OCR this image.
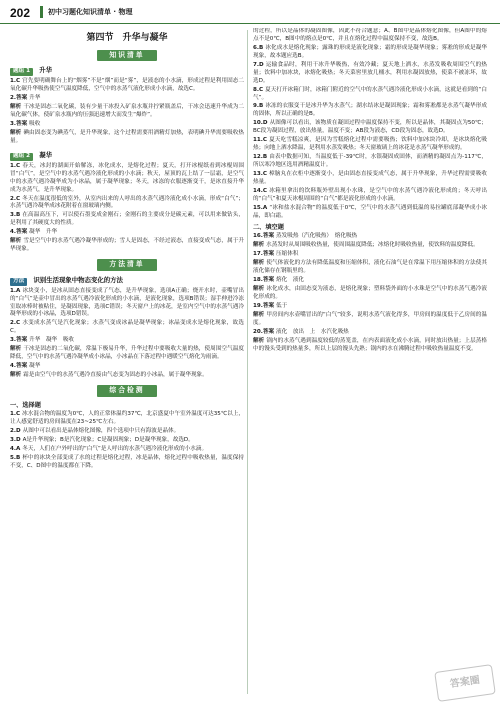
202	初中习题化知识清单 · 物理
第四节　升华与凝华
知识清单
题组 1 升华

1.C 官先要明确舞台上的“烟雾”不是“烟”而是“雾”，是液态的小水滴，形成过程是利用固态二氧化碳升华吸热使空气温度降低，空气中的水蒸气液化形成小水滴，故选C。

2.答案 升华

解析 干冰是固态二氧化碳，装有少量干冰投入矿泉水瓶并拧紧瓶盖后，干冰会迅速升华成为二氧化碳气体，使矿泉水瓶内的压强迅速增大而发生“爆炸”。

3.答案 吸收

解析 碘由固态变为碘蒸气，是升华现象，这个过程需要用酒精灯加热，表明碘升华需要吸收热量。

题组 2 凝华

1.C 春天，冰封的湖面开始解冻，冰化成水，是熔化过程；夏天，打开冰棍纸看到冰棍周围冒“白气”，是空气中的水蒸气遇冷液化形成的小水滴；秋天，屋顶的瓦上结了一层霜，是空气中的水蒸气遇冷凝华成为小冰晶，属于凝华现象；冬天，冰冻的衣服逐渐变干，是冰直接升华成为水蒸气，是升华现象。

2.C 冬天在温度很低的室外，从室内出来的人呼出的水蒸气遇冷液化成小水滴，形成“白气”；水蒸气遇冷凝华成冰花附着在窗玻璃内侧。

3.B 在高温高压下，可以使石墨变成金刚石；金刚石的主要成分是碳元素，可以用来做钻头，是利用了其硬度大的性质。

4.答案 凝华　升华

解析 雪是空气中的水蒸气遇冷凝华形成的；雪人是固态，不经过液态，直接变成气态，属于升华现象。

方法清单
方法 识别生活现象中物态变化的方法

1.A 冰块变小，是冰从固态直接变成了气态，是升华现象，选项A正确；烧开水时，壶嘴冒出的“白气”是壶中冒出的水蒸气遇冷液化形成的小水滴，是液化现象，选项B错误；湿手伸进冷冻室取冰棒时被粘住，是凝固现象，选项C错误；冬天窗户上的冰花，是室内空气中的水蒸气遇冷凝华形成的小冰晶，选项D错误。

2.C 水变成水蒸气是汽化现象；水蒸气变成冰晶是凝华现象；冰晶变成水是熔化现象，故选C。

3.答案 升华　凝华　吸收

解析 干冰是固态的二氧化碳，常温下极易升华，升华过程中要吸收大量的热，使周围空气温度降低，空气中的水蒸气遇冷凝华成小冰晶，小冰晶在下落过程中遇暖空气熔化为雨滴。

4.答案 凝华

解析 霜是由空气中的水蒸气遇冷直接由气态变为固态的小冰晶，属于凝华现象。

综合检测
一、选择题

1.C 冰水混合物的温度为0℃，人的正常体温约37℃，北京盛夏中午室外温度可达35℃以上，让人感觉舒适的房间温度在23~25℃左右。

2.D 从图中可以看出是晶体熔化图像，四个选项中只有海波是晶体。

3.D A是升华现象；B是汽化现象；C是凝固现象；D是凝华现象，故选D。

4.A 冬天，人们在户外呼出的“白气”是人呼出的水蒸气遇冷液化形成的小水滴。

5.B 杯中的冰块全部变成了水的过程是熔化过程，冰是晶体，熔化过程中吸收热量，温度保持不变，C、D图中的温度都在下降。

的过程，所以是晶体的凝固图像，因此不符合题意；A、B图中是晶体熔化图像，但A图中的熔点不是0℃，B图中的熔点是0℃，并且在熔化过程中温度保持不变，故选B。

6.B 冰化成水是熔化现象；露珠的形成是液化现象；霜的形成是凝华现象；雾凇的形成是凝华现象，故本题应选B。

7.D 运输食品时，利用干冰升华吸热，有效冷藏；夏天地上洒水，水蒸发吸收周围空气的热量；饮料中加冰块，冰熔化吸热；冬天菜窖里放几桶水，利用水凝固放热，使菜不被冻坏，故选D。

8.C 夏天打开冰箱门时，冰箱门附近的空气中的水蒸气遇冷液化形成小水滴，这就是看到的“白气”。

9.B 冰冻的衣服变干是冰升华为水蒸气；湖水结冰是凝固现象；霜和雾凇都是水蒸气凝华形成的固体，所以正确的是B。

10.D 从图像可以看出，该物质在凝固过程中温度保持不变，所以是晶体，其凝固点为50℃；BC段为凝固过程，放出热量，温度不变；AB段为液态，CD段为固态，故选D。

11.C 夏天吃雪糕凉爽，是因为雪糕熔化过程中需要吸热；饮料中加冰块冷却，是冰块熔化吸热；向地上洒水降温，是利用水蒸发吸热；冬天窗玻璃上的冰花是水蒸气凝华形成的。

12.B 由表中数据可知，当温度低于-39℃时，水银凝固成固体，而酒精的凝固点为-117℃，所以寒冷地区选用酒精温度计。

13.C 樟脑丸在衣柜中逐渐变小，是由固态直接变成气态，属于升华现象，升华过程需要吸收热量。

14.C 冰箱里拿出的饮料瓶外壁出现小水珠，是空气中的水蒸气遇冷液化形成的；冬天呼出的“白气”和夏天冰棍周围的“白气”都是液化形成的小水滴。

15.A “冰和盐水混合物”的温度低于0℃，空气中的水蒸气遇到低温的易拉罐底部凝华成小冰晶，即白霜。

二、填空题

16.答案 蒸发吸热（汽化吸热）　熔化吸热

解析 水蒸发时从周围吸收热量，使周围温度降低；冰熔化时吸收热量，使饮料的温度降低。

17.答案 压缩体积

解析 使气体液化的方法有降低温度和压缩体积，液化石油气是在常温下用压缩体积的方法使其液化储存在钢瓶里的。

18.答案 熔化　液化

解析 冰化成水，由固态变为液态，是熔化现象；塑料袋外面的小水珠是空气中的水蒸气遇冷液化形成的。

19.答案 低于

解析 甲房间内水壶嘴冒出的“白气”较多，说明水蒸气液化得多，甲房间的温度低于乙房间的温度。

20.答案 液化　放出　上　水汽化吸热

解析 锅内的水蒸气遇到温度较低的蒸笼盖，在内表面液化成小水滴，同时放出热量；上层蒸格中的馒头受到的热量多，所以上层的馒头先熟；锅内的水在沸腾过程中吸收热量温度不变。

答案圈
